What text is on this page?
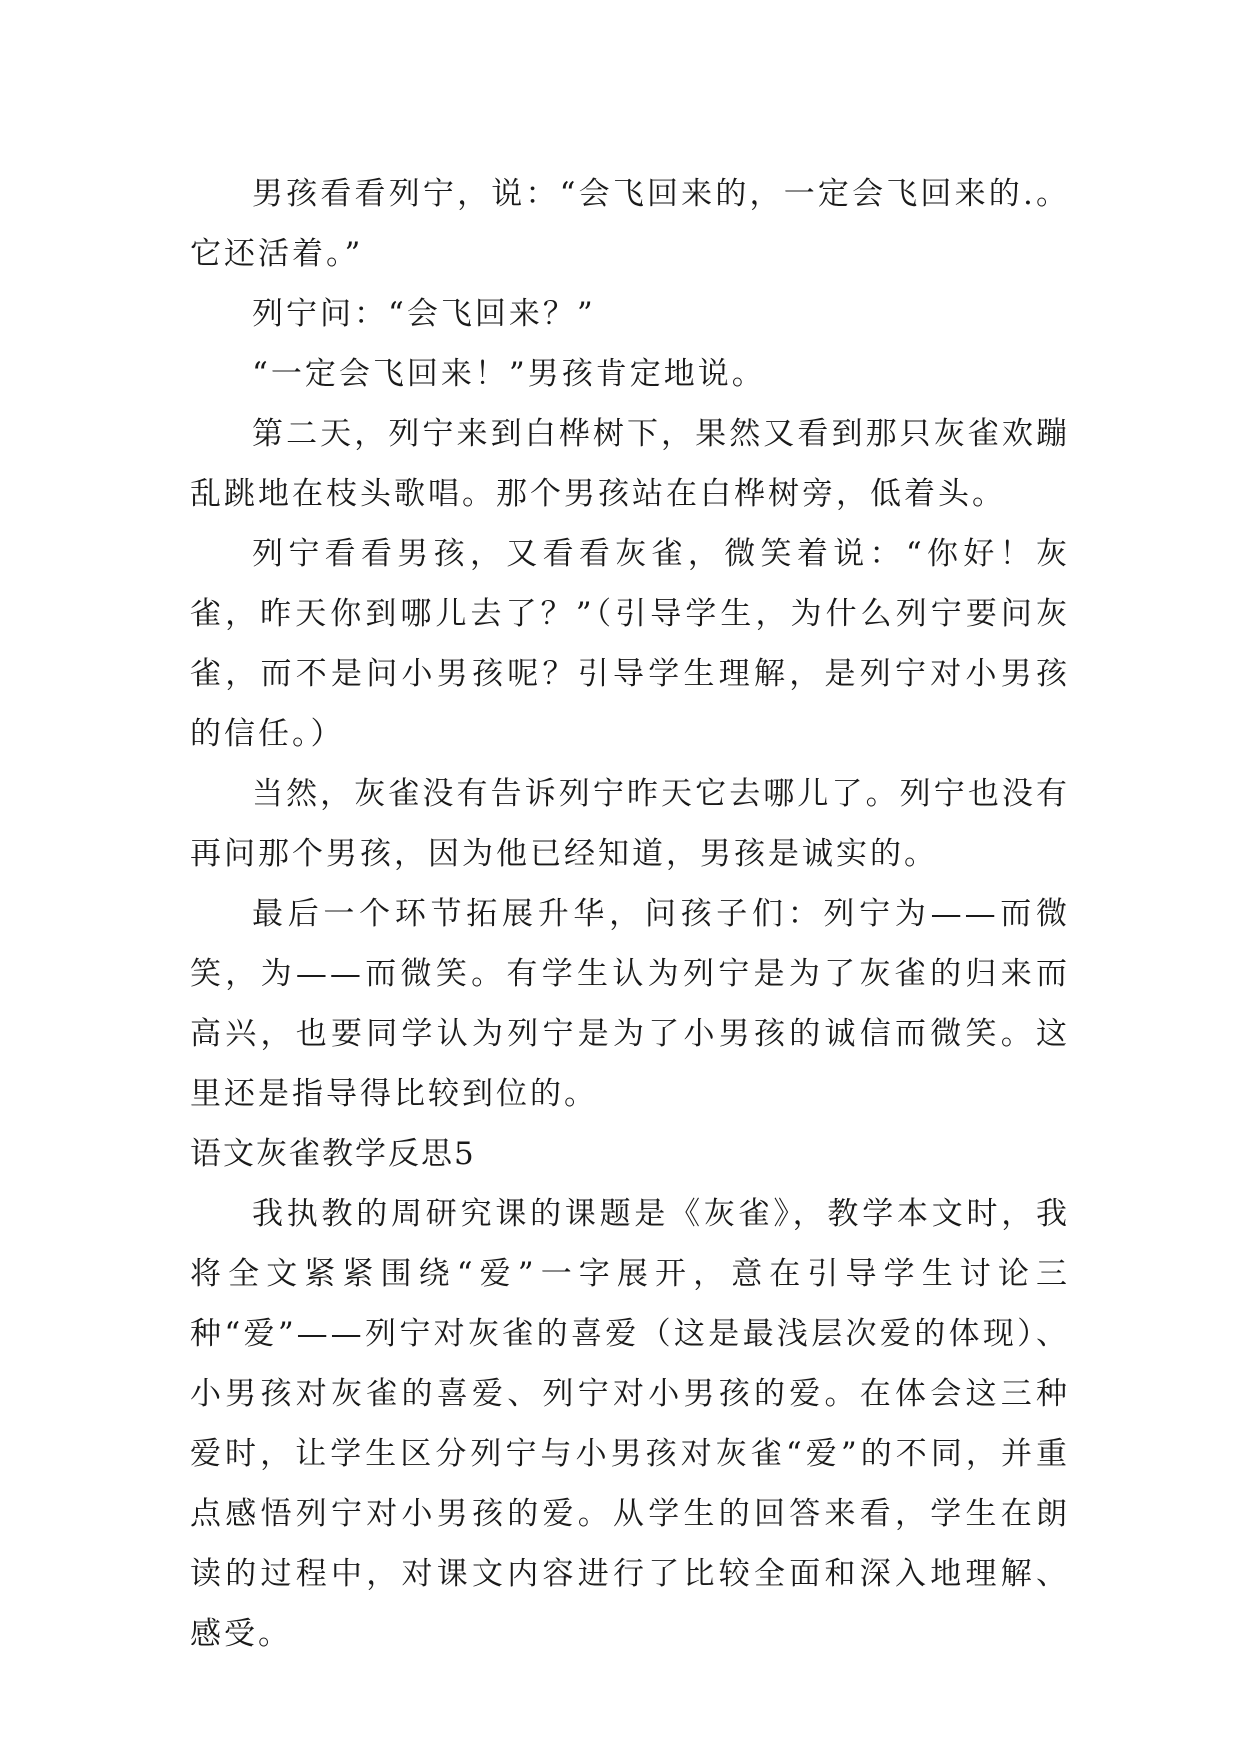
男孩看看列宁，说：“会飞回来的，一定会飞回来的.。它还活着。”

列宁问：“会飞回来？”

“一定会飞回来！”男孩肯定地说。

第二天，列宁来到白桦树下，果然又看到那只灰雀欢蹦乱跳地在枝头歌唱。那个男孩站在白桦树旁，低着头。

列宁看看男孩，又看看灰雀，微笑着说：“你好！灰雀，昨天你到哪儿去了？”（引导学生，为什么列宁要问灰雀，而不是问小男孩呢？引导学生理解，是列宁对小男孩的信任。）

当然，灰雀没有告诉列宁昨天它去哪儿了。列宁也没有再问那个男孩，因为他已经知道，男孩是诚实的。

最后一个环节拓展升华，问孩子们：列宁为——而微笑，为——而微笑。有学生认为列宁是为了灰雀的归来而高兴，也要同学认为列宁是为了小男孩的诚信而微笑。这里还是指导得比较到位的。

语文灰雀教学反思5

我执教的周研究课的课题是《灰雀》，教学本文时，我将全文紧紧围绕“爱”一字展开，意在引导学生讨论三种“爱”——列宁对灰雀的喜爱（这是最浅层次爱的体现）、小男孩对灰雀的喜爱、列宁对小男孩的爱。在体会这三种爱时，让学生区分列宁与小男孩对灰雀“爱”的不同，并重点感悟列宁对小男孩的爱。从学生的回答来看，学生在朗读的过程中，对课文内容进行了比较全面和深入地理解、感受。
